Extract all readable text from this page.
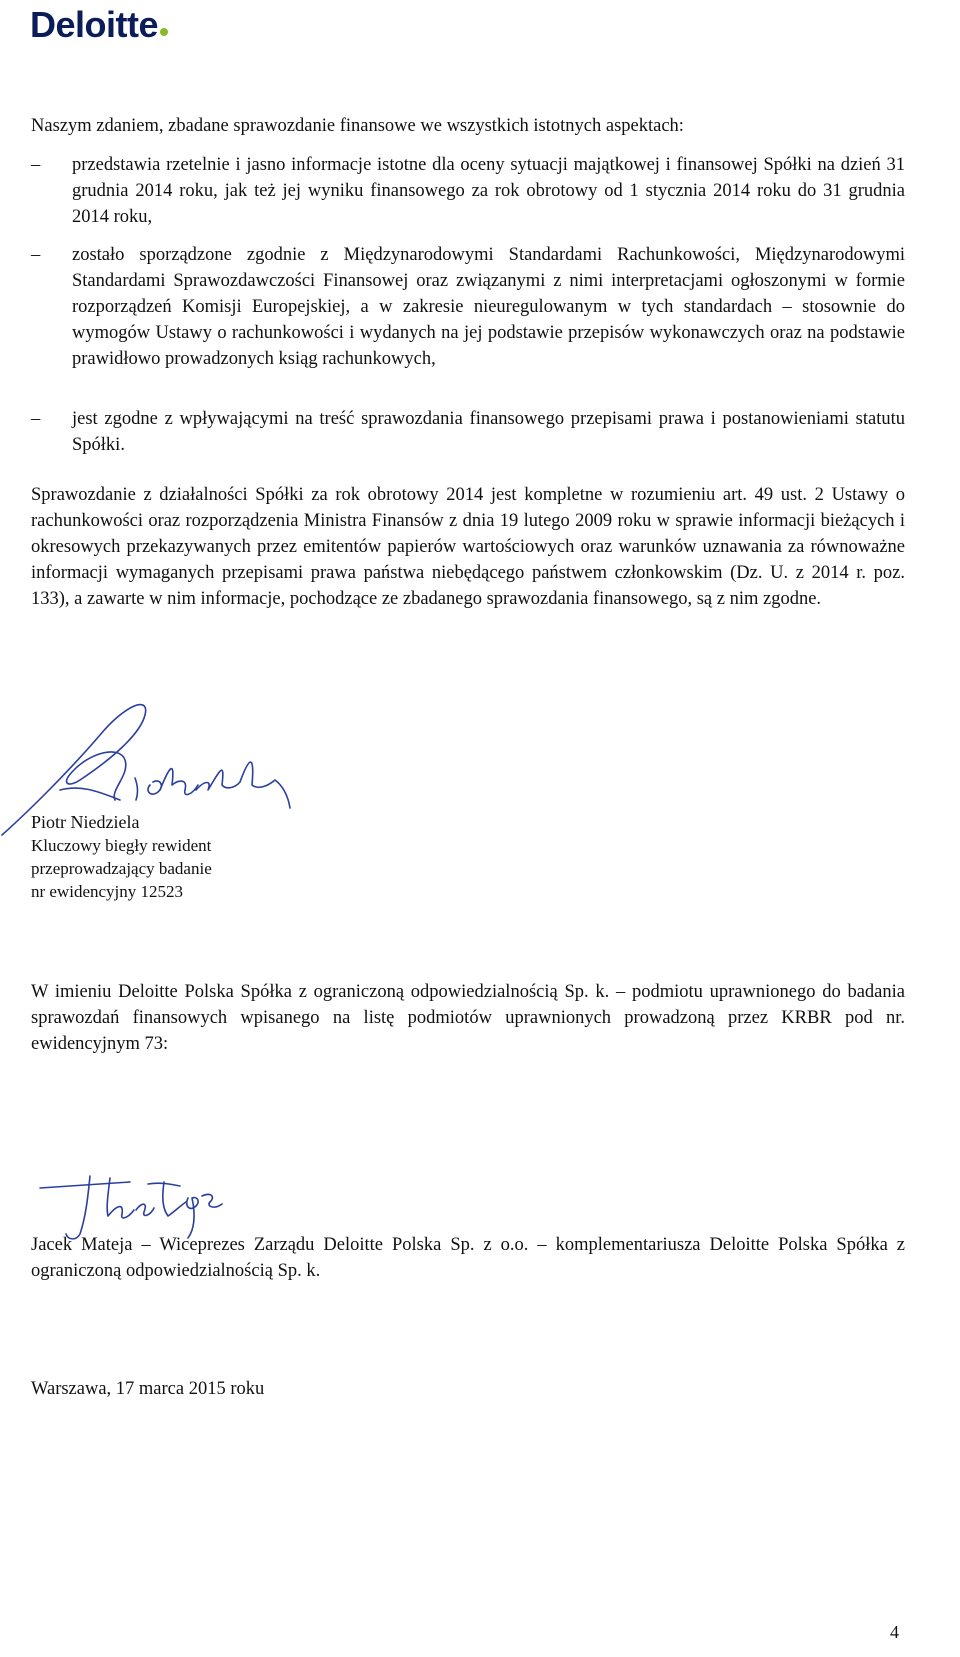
Deloitte
Naszym zdaniem, zbadane sprawozdanie finansowe we wszystkich istotnych aspektach:
–	przedstawia rzetelnie i jasno informacje istotne dla oceny sytuacji majątkowej i finansowej Spółki na dzień 31 grudnia 2014 roku, jak też jej wyniku finansowego za rok obrotowy od 1 stycznia 2014 roku do 31 grudnia 2014 roku,
–	zostało sporządzone zgodnie z Międzynarodowymi Standardami Rachunkowości, Międzynarodowymi Standardami Sprawozdawczości Finansowej oraz związanymi z nimi interpretacjami ogłoszonymi w formie rozporządzeń Komisji Europejskiej, a w zakresie nieuregulowanym w tych standardach – stosownie do wymogów Ustawy o rachunkowości i wydanych na jej podstawie przepisów wykonawczych oraz na podstawie prawidłowo prowadzonych ksiąg rachunkowych,
–	jest zgodne z wpływającymi na treść sprawozdania finansowego przepisami prawa i postanowieniami statutu Spółki.
Sprawozdanie z działalności Spółki za rok obrotowy 2014 jest kompletne w rozumieniu art. 49 ust. 2 Ustawy o rachunkowości oraz rozporządzenia Ministra Finansów z dnia 19 lutego 2009 roku w sprawie informacji bieżących i okresowych przekazywanych przez emitentów papierów wartościowych oraz warunków uznawania za równoważne informacji wymaganych przepisami prawa państwa niebędącego państwem członkowskim (Dz. U. z 2014 r. poz. 133), a zawarte w nim informacje, pochodzące ze zbadanego sprawozdania finansowego, są z nim zgodne.
Piotr Niedziela
Kluczowy biegły rewident
przeprowadzający badanie
nr ewidencyjny 12523
W imieniu Deloitte Polska Spółka z ograniczoną odpowiedzialnością Sp. k. – podmiotu uprawnionego do badania sprawozdań finansowych wpisanego na listę podmiotów uprawnionych prowadzoną przez KRBR pod nr. ewidencyjnym 73:
Jacek Mateja – Wiceprezes Zarządu Deloitte Polska Sp. z o.o. – komplementariusza Deloitte Polska Spółka z ograniczoną odpowiedzialnością Sp. k.
Warszawa, 17 marca 2015 roku
4
